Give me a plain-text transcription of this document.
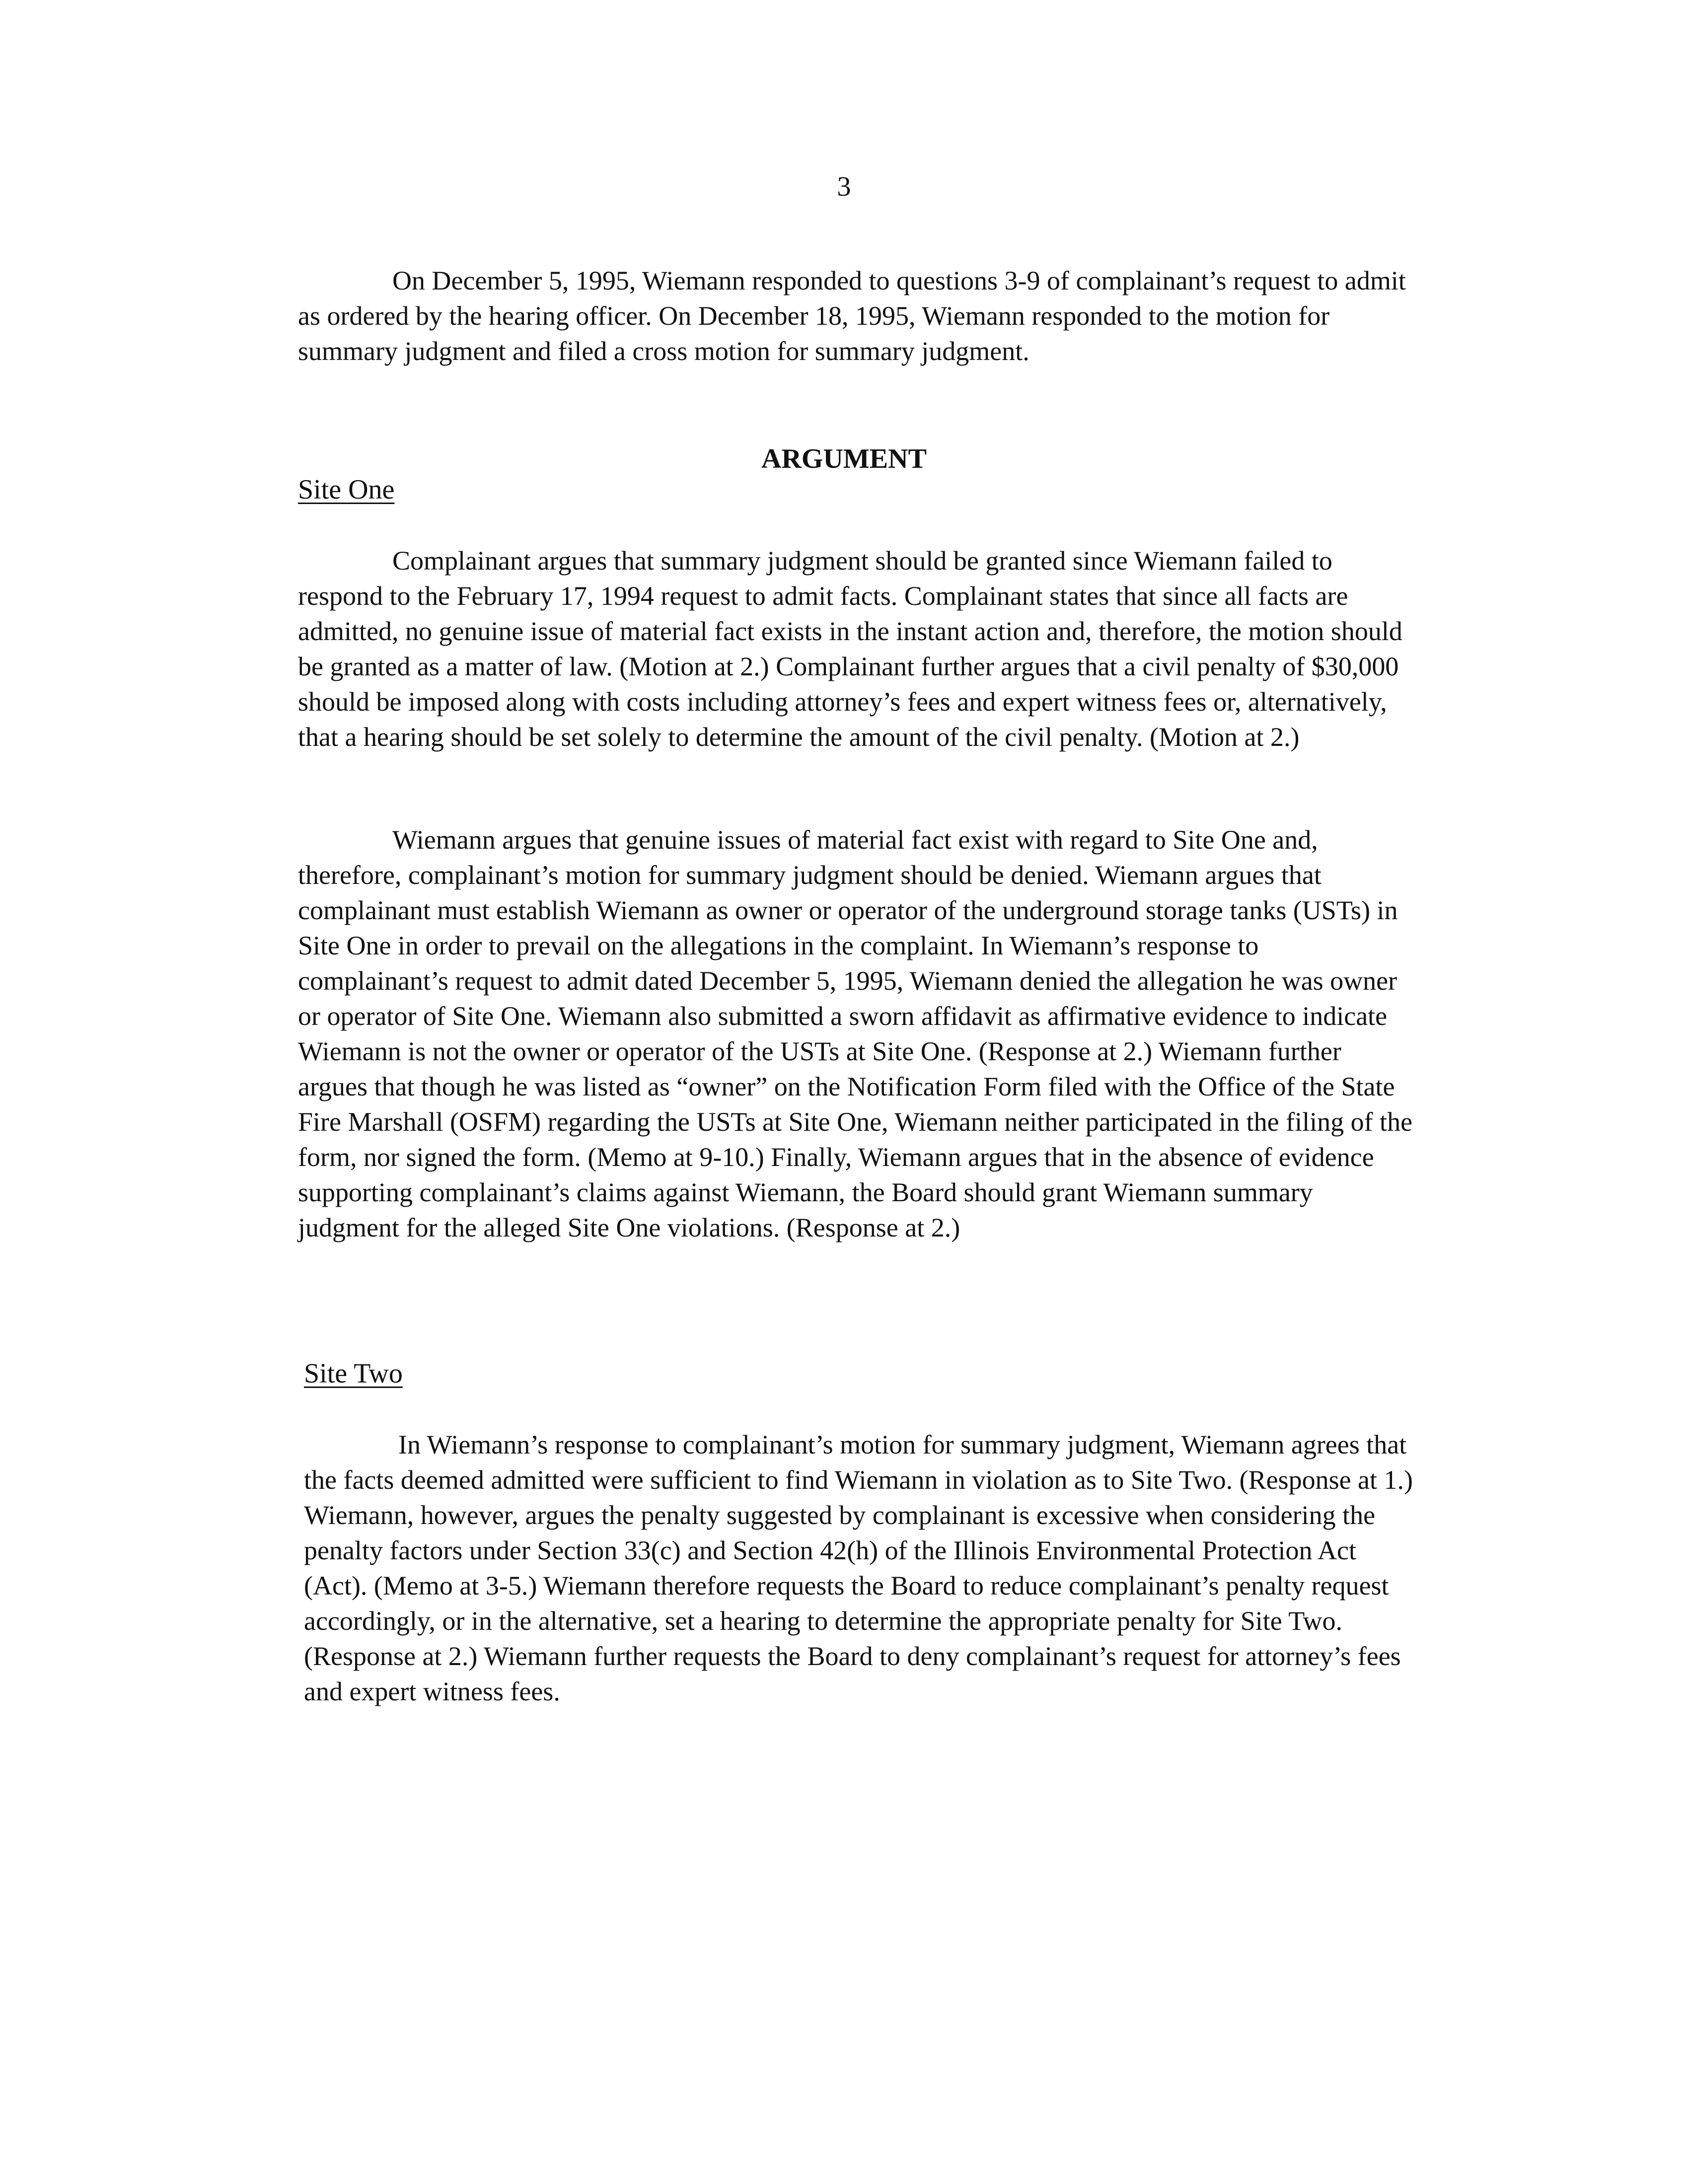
3

On December 5, 1995, Wiemann responded to questions 3-9 of complainant’s request to admit as ordered by the hearing officer. On December 18, 1995, Wiemann responded to the motion for summary judgment and filed a cross motion for summary judgment.

ARGUMENT
Site One

Complainant argues that summary judgment should be granted since Wiemann failed to respond to the February 17, 1994 request to admit facts. Complainant states that since all facts are admitted, no genuine issue of material fact exists in the instant action and, therefore, the motion should be granted as a matter of law. (Motion at 2.) Complainant further argues that a civil penalty of $30,000 should be imposed along with costs including attorney’s fees and expert witness fees or, alternatively, that a hearing should be set solely to determine the amount of the civil penalty. (Motion at 2.)

Wiemann argues that genuine issues of material fact exist with regard to Site One and, therefore, complainant’s motion for summary judgment should be denied. Wiemann argues that complainant must establish Wiemann as owner or operator of the underground storage tanks (USTs) in Site One in order to prevail on the allegations in the complaint. In Wiemann’s response to complainant’s request to admit dated December 5, 1995, Wiemann denied the allegation he was owner or operator of Site One. Wiemann also submitted a sworn affidavit as affirmative evidence to indicate Wiemann is not the owner or operator of the USTs at Site One. (Response at 2.) Wiemann further argues that though he was listed as “owner” on the Notification Form filed with the Office of the State Fire Marshall (OSFM) regarding the USTs at Site One, Wiemann neither participated in the filing of the form, nor signed the form. (Memo at 9-10.) Finally, Wiemann argues that in the absence of evidence supporting complainant’s claims against Wiemann, the Board should grant Wiemann summary judgment for the alleged Site One violations. (Response at 2.)

Site Two

In Wiemann’s response to complainant’s motion for summary judgment, Wiemann agrees that the facts deemed admitted were sufficient to find Wiemann in violation as to Site Two. (Response at 1.) Wiemann, however, argues the penalty suggested by complainant is excessive when considering the penalty factors under Section 33(c) and Section 42(h) of the Illinois Environmental Protection Act (Act). (Memo at 3-5.) Wiemann therefore requests the Board to reduce complainant’s penalty request accordingly, or in the alternative, set a hearing to determine the appropriate penalty for Site Two. (Response at 2.) Wiemann further requests the Board to deny complainant’s request for attorney’s fees and expert witness fees.
